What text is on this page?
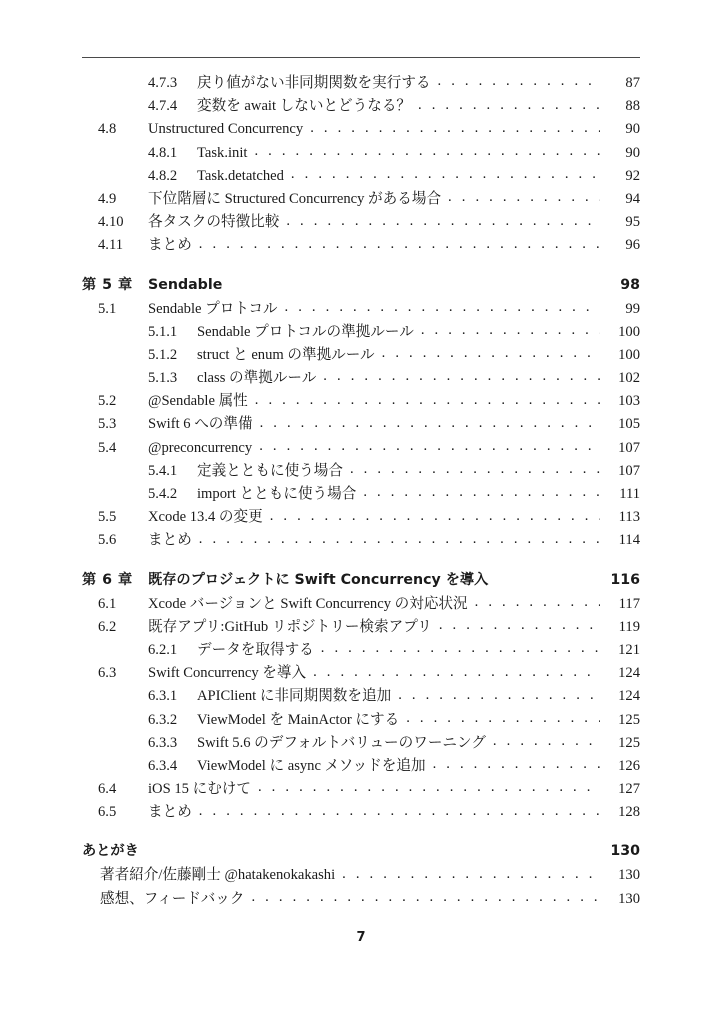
4.7.3	戻り値がない非同期関数を実行する . . .	87
4.7.4	変数を await しないとどうなる？ . . .	88
4.8	Unstructured Concurrency . . .	90
4.8.1	Task.init . . .	90
4.8.2	Task.detatched . . .	92
4.9	下位階層に Structured Concurrency がある場合 . . .	94
4.10	各タスクの特徴比較 . . .	95
4.11	まとめ . . .	96
第 5 章	Sendable	98
5.1	Sendable プロトコル . . .	99
5.1.1	Sendable プロトコルの準拠ルール . . .	100
5.1.2	struct と enum の準拠ルール . . .	100
5.1.3	class の準拠ルール . . .	102
5.2	@Sendable 属性 . . .	103
5.3	Swift 6 への準備 . . .	105
5.4	@preconcurrency . . .	107
5.4.1	定義とともに使う場合 . . .	107
5.4.2	import とともに使う場合 . . .	111
5.5	Xcode 13.4 の変更 . . .	113
5.6	まとめ . . .	114
第 6 章	既存のプロジェクトに Swift Concurrency を導入	116
6.1	Xcode バージョンと Swift Concurrency の対応状況 . . .	117
6.2	既存アプリ:GitHub リポジトリー検索アプリ . . .	119
6.2.1	データを取得する . . .	121
6.3	Swift Concurrency を導入 . . .	124
6.3.1	APIClient に非同期関数を追加 . . .	124
6.3.2	ViewModel を MainActor にする . . .	125
6.3.3	Swift 5.6 のデフォルトバリューのワーニング . . .	125
6.3.4	ViewModel に async メソッドを追加 . . .	126
6.4	iOS 15 にむけて . . .	127
6.5	まとめ . . .	128
あとがき	130
著者紹介/佐藤剛士 @hatakenokakashi . . .	130
感想、フィードバック . . .	130
7
